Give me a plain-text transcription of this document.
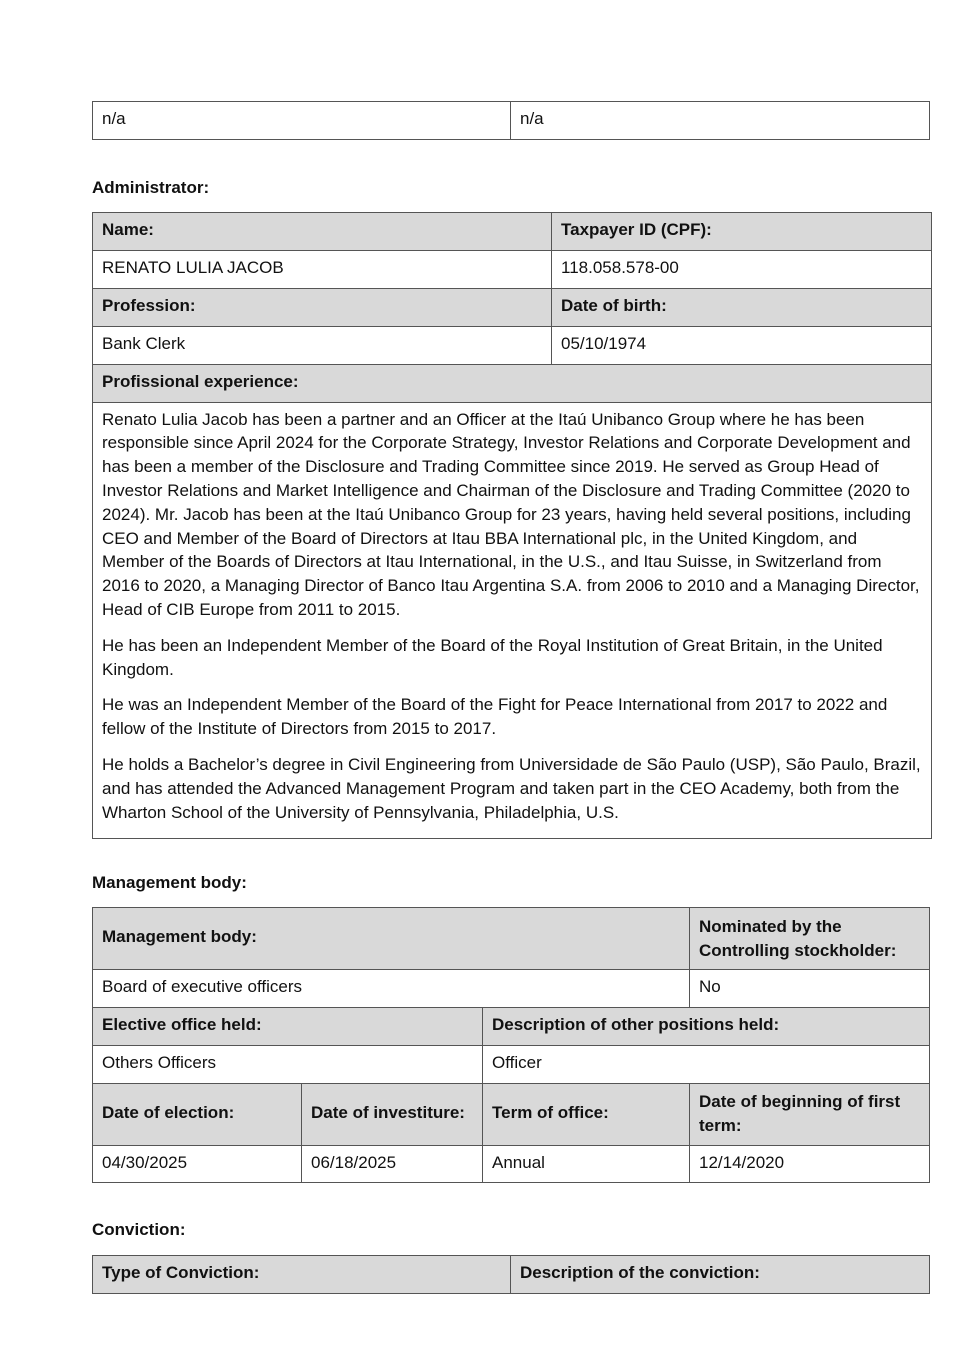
n/a	n/a
Administrator:
Name:	Taxpayer ID (CPF):
RENATO LULIA JACOB	118.058.578-00
Profession:	Date of birth:
Bank Clerk	05/10/1974
Profissional experience:	

Renato Lulia Jacob has been a partner and an Officer at the Itaú Unibanco Group where he has been responsible since April 2024 for the Corporate Strategy, Investor Relations and Corporate Development and has been a member of the Disclosure and Trading Committee since 2019. He served as Group Head of Investor Relations and Market Intelligence and Chairman of the Disclosure and Trading Committee (2020 to 2024). Mr. Jacob has been at the Itaú Unibanco Group for 23 years, having held several positions, including CEO and Member of the Board of Directors at Itau BBA International plc, in the United Kingdom, and Member of the Boards of Directors at Itau International, in the U.S., and Itau Suisse, in Switzerland from 2016 to 2020, a Managing Director of Banco Itau Argentina S.A. from 2006 to 2010 and a Managing Director, Head of CIB Europe from 2011 to 2015.

He has been an Independent Member of the Board of the Royal Institution of Great Britain, in the United Kingdom.

He was an Independent Member of the Board of the Fight for Peace International from 2017 to 2022 and fellow of the Institute of Directors from 2015 to 2017.

He holds a Bachelor’s degree in Civil Engineering from Universidade de São Paulo (USP), São Paulo, Brazil, and has attended the Advanced Management Program and taken part in the CEO Academy, both from the Wharton School of the University of Pennsylvania, Philadelphia, U.S.	

Management body:
Management body:			Nominated by the Controlling stockholder:
Board of executive officers			No
Elective office held:		Description of other positions held:	
Others Officers		Officer	
Date of election:	Date of investiture:	Term of office:	Date of beginning of first term:
04/30/2025	06/18/2025	Annual	12/14/2020
Conviction:
Type of Conviction:	Description of the conviction:
